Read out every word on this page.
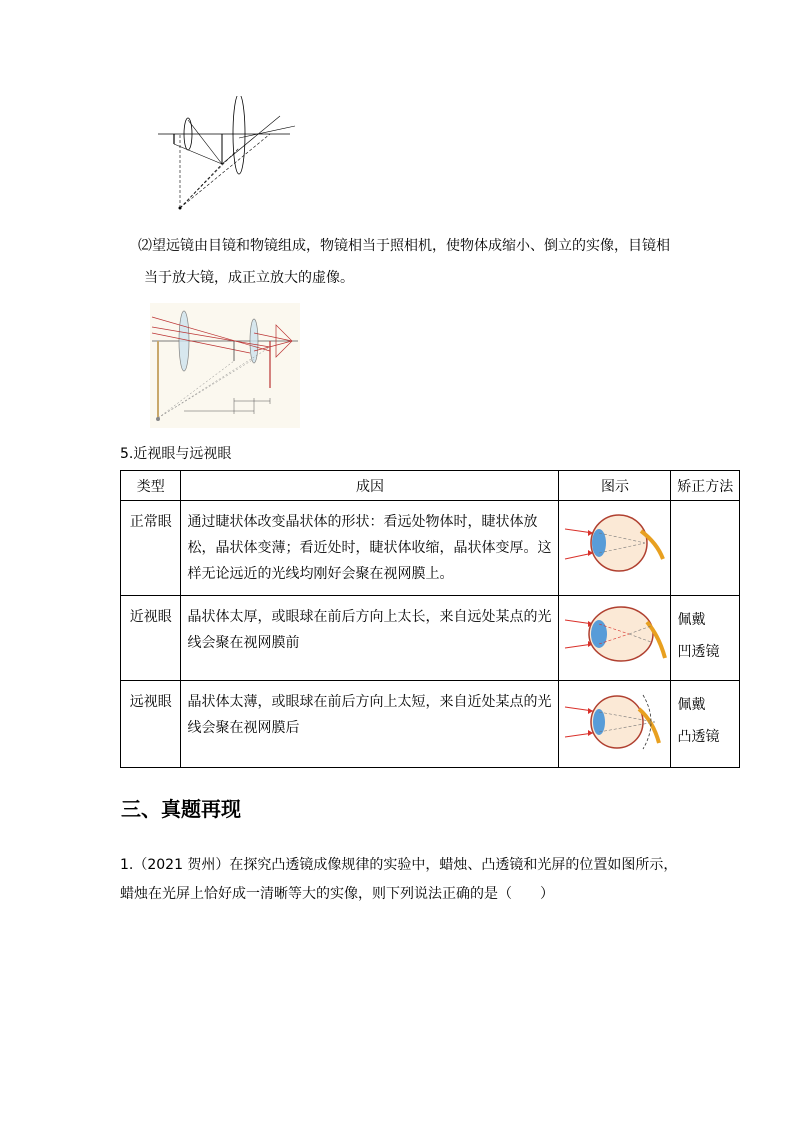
⑵望远镜由目镜和物镜组成，物镜相当于照相机，使物体成缩小、倒立的实像，目镜相
当于放大镜，成正立放大的虚像。
5.近视眼与远视眼
类型	成因	图示	矫正方法
正常眼	通过睫状体改变晶状体的形状：看远处物体时，睫状体放松，晶状体变薄；看近处时，睫状体收缩，晶状体变厚。这样无论远近的光线均刚好会聚在视网膜上。		

近视眼	晶状体太厚，或眼球在前后方向上太长，来自远处某点的光线会聚在视网膜前		佩戴
凹透镜

远视眼	晶状体太薄，或眼球在前后方向上太短，来自近处某点的光线会聚在视网膜后		佩戴
凸透镜
三、真题再现
1.（2021 贺州）在探究凸透镜成像规律的实验中，蜡烛、凸透镜和光屏的位置如图所示，
蜡烛在光屏上恰好成一清晰等大的实像，则下列说法正确的是（　　）
